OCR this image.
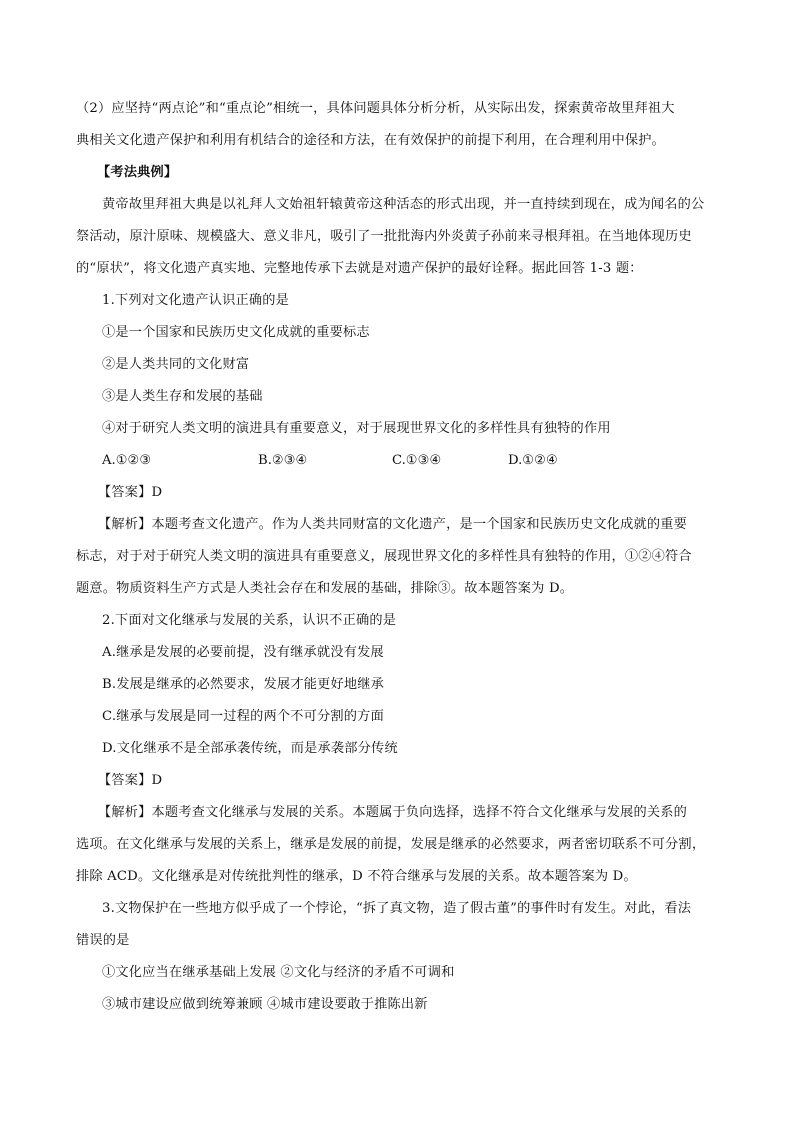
（2）应坚持“两点论”和“重点论”相统一，具体问题具体分析分析，从实际出发，探索黄帝故里拜祖大
典相关文化遗产保护和利用有机结合的途径和方法，在有效保护的前提下利用，在合理利用中保护。
【考法典例】
黄帝故里拜祖大典是以礼拜人文始祖轩辕黄帝这种活态的形式出现，并一直持续到现在，成为闻名的公
祭活动，原汁原味、规模盛大、意义非凡，吸引了一批批海内外炎黄子孙前来寻根拜祖。在当地体现历史
的“原状”，将文化遗产真实地、完整地传承下去就是对遗产保护的最好诠释。据此回答 1-3 题：
1.下列对文化遗产认识正确的是
①是一个国家和民族历史文化成就的重要标志
②是人类共同的文化财富
③是人类生存和发展的基础
④对于研究人类文明的演进具有重要意义，对于展现世界文化的多样性具有独特的作用
A.①②③	B.②③④	C.①③④	D.①②④
【答案】D
【解析】本题考查文化遗产。作为人类共同财富的文化遗产，是一个国家和民族历史文化成就的重要
标志，对于对于研究人类文明的演进具有重要意义，展现世界文化的多样性具有独特的作用，①②④符合
题意。物质资料生产方式是人类社会存在和发展的基础，排除③。故本题答案为 D。
2.下面对文化继承与发展的关系，认识不正确的是
A.继承是发展的必要前提，没有继承就没有发展
B.发展是继承的必然要求，发展才能更好地继承
C.继承与发展是同一过程的两个不可分割的方面
D.文化继承不是全部承袭传统，而是承袭部分传统
【答案】D
【解析】本题考查文化继承与发展的关系。本题属于负向选择，选择不符合文化继承与发展的关系的
选项。在文化继承与发展的关系上，继承是发展的前提，发展是继承的必然要求，两者密切联系不可分割，
排除 ACD。文化继承是对传统批判性的继承，D 不符合继承与发展的关系。故本题答案为 D。
3.文物保护在一些地方似乎成了一个悖论，“拆了真文物，造了假古董”的事件时有发生。对此，看法
错误的是
①文化应当在继承基础上发展 ②文化与经济的矛盾不可调和
③城市建设应做到统筹兼顾 ④城市建设要敢于推陈出新
